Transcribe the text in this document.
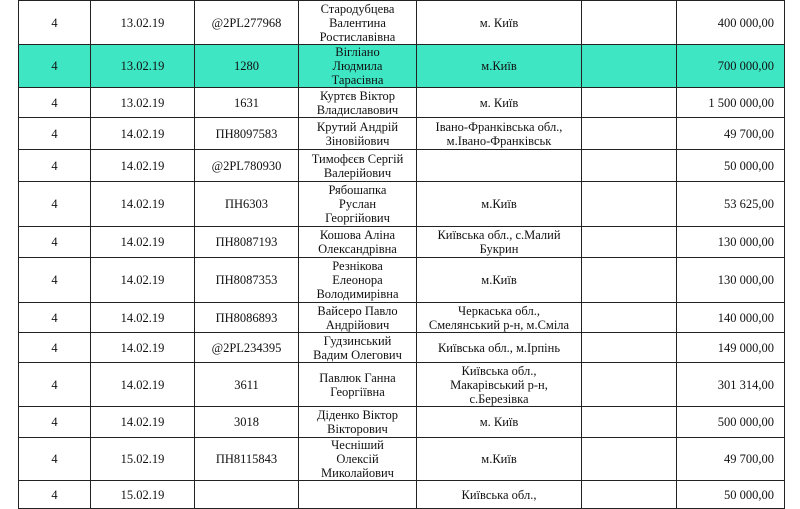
4	13.02.19	@2PL277968	Стародубцева
Валентина
Ростиславівна	м. Київ		400 000,00
4	13.02.19	1280	Вігліано
Людмила
Тарасівна	м.Київ		700 000,00
4	13.02.19	1631	Куртєв Віктор
Владиславович	м. Київ		1 500 000,00
4	14.02.19	ПН8097583	Крутий Андрій
Зіновійович	Івано-Франківська обл.,
м.Івано-Франківськ		49 700,00
4	14.02.19	@2PL780930	Тимофєєв Сергій
Валерійович			50 000,00
4	14.02.19	ПН6303	Рябошапка
Руслан
Георгійович	м.Київ		53 625,00
4	14.02.19	ПН8087193	Кошова Аліна
Олександрівна	Київська обл., с.Малий
Букрин		130 000,00
4	14.02.19	ПН8087353	Резнікова
Елеонора
Володимирівна	м.Київ		130 000,00
4	14.02.19	ПН8086893	Вайсеро Павло
Андрійович	Черкаська обл.,
Смелянський р-н, м.Сміла		140 000,00
4	14.02.19	@2PL234395	Гудзинський
Вадим Олегович	Київська обл., м.Ірпінь		149 000,00
4	14.02.19	3611	Павлюк Ганна
Георгіївна	Київська обл.,
Макарівський р-н,
с.Березівка		301 314,00
4	14.02.19	3018	Діденко Віктор
Вікторович	м. Київ		500 000,00
4	15.02.19	ПН8115843	Чесніший
Олексій
Миколайович	м.Київ		49 700,00
4	15.02.19			Київська обл.,		50 000,00
